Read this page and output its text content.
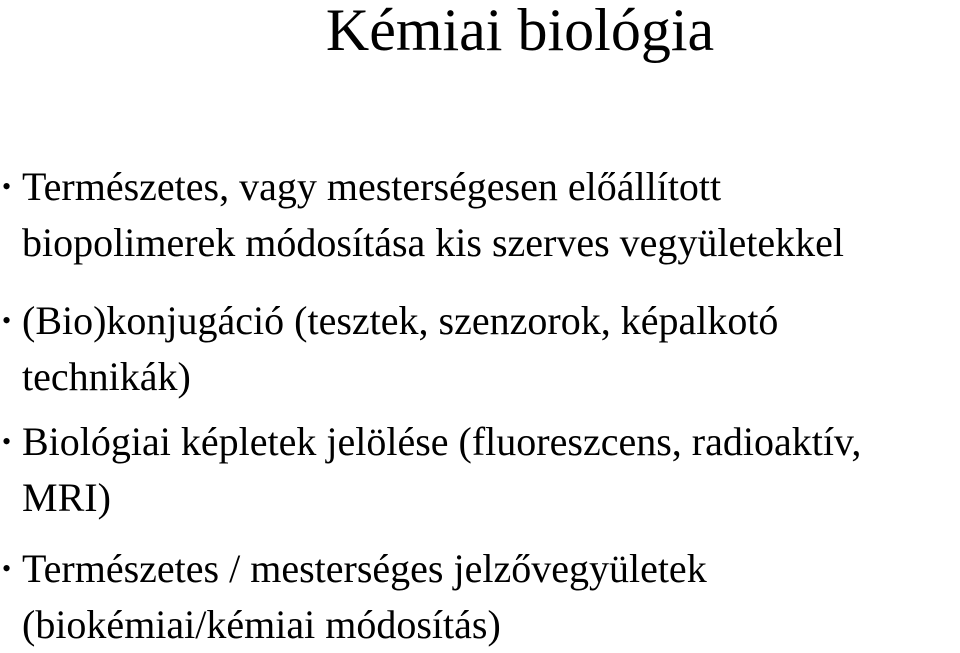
Kémiai biológia
• Természetes, vagy mesterségesen előállított
biopolimerek módosítása kis szerves vegyületekkel
• (Bio)konjugáció (tesztek, szenzorok, képalkotó
technikák)
• Biológiai képletek jelölése (fluoreszcens, radioaktív,
MRI)
• Természetes / mesterséges jelzővegyületek
(biokémiai/kémiai módosítás)
